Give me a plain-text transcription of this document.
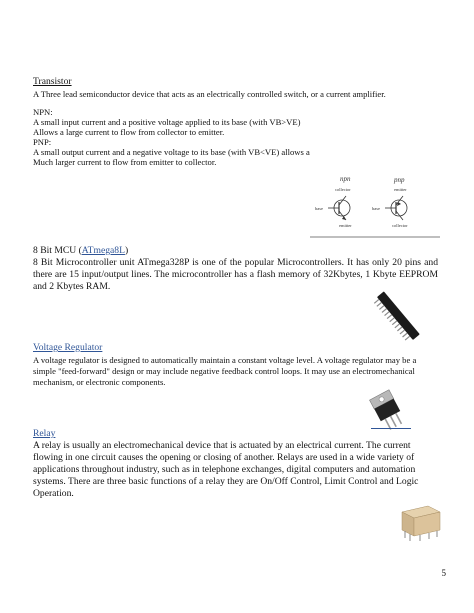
Transistor
A Three lead semiconductor device that acts as an electrically controlled switch, or a current amplifier.
NPN:
A small input current and a positive voltage applied to its base (with VB>VE)
Allows a large current to flow from collector to emitter.
PNP:
A small output current and a negative voltage to its base (with VB<VE) allows a
Much larger current to flow from emitter to collector.
npn	pnp
collector	emitter
base	base
emitter	collector
8 Bit MCU (ATmega8L)
8 Bit Microcontroller unit ATmega328P is one of the popular Microcontrollers. It has only 20 pins and there are 15 input/output lines. The microcontroller has a flash memory of 32Kbytes, 1 Kbyte EEPROM and 2 Kbytes RAM.
Voltage Regulator
A voltage regulator is designed to automatically maintain a constant voltage level. A voltage regulator may be a
simple "feed-forward" design or may include negative feedback control loops. It may use an electromechanical
mechanism, or electronic components.
Relay
A relay is usually an electromechanical device that is actuated by an electrical current. The current
flowing in one circuit causes the opening or closing of another. Relays are used in a wide variety of
applications throughout industry, such as in telephone exchanges, digital computers and automation
systems. There are three basic functions of a relay they are On/Off Control, Limit Control and Logic
Operation.
5
